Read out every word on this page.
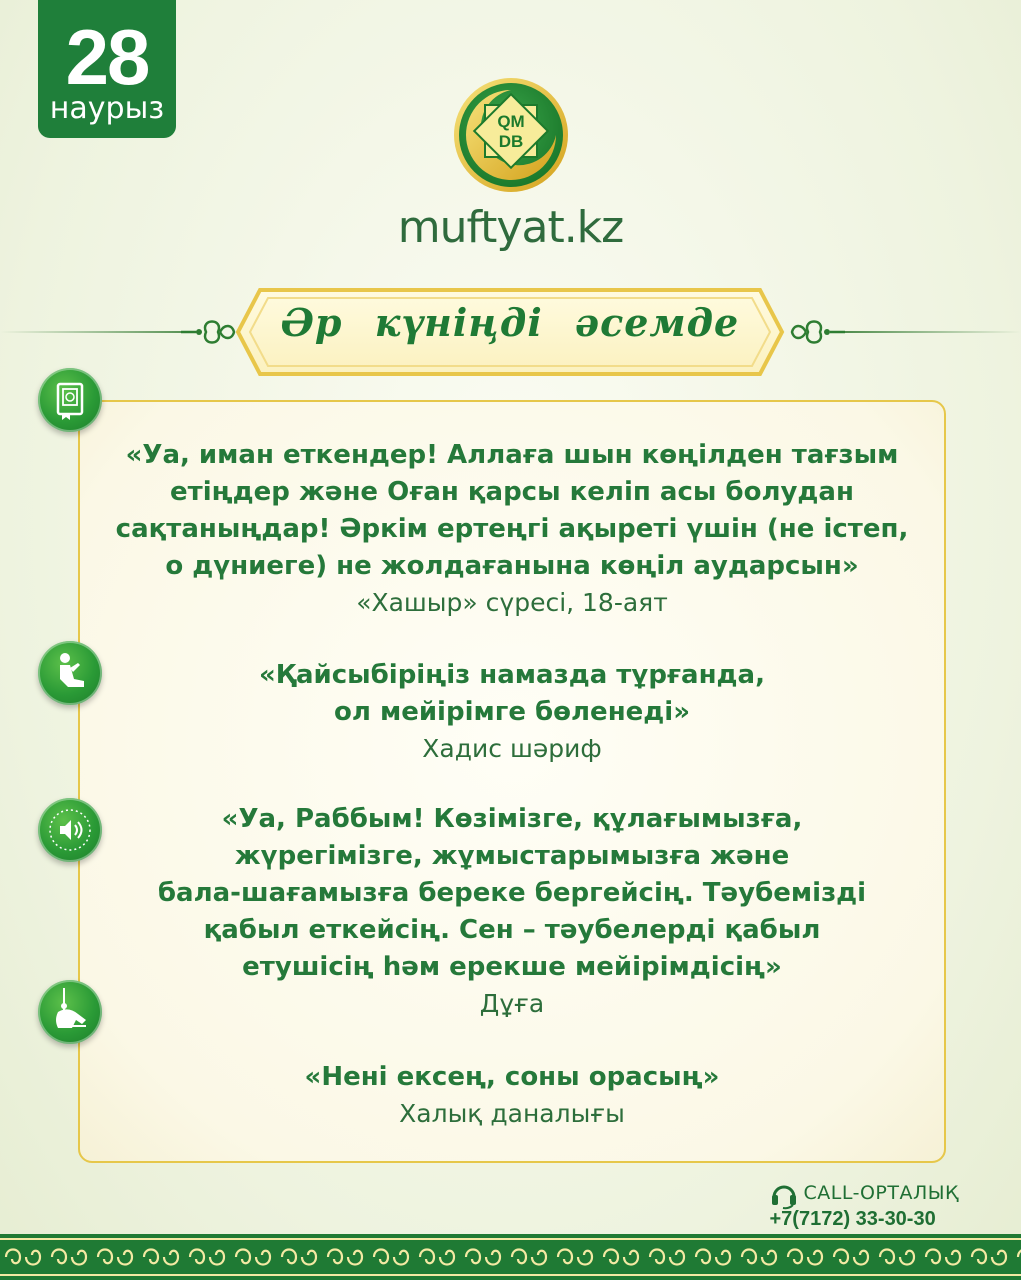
28
наурыз	QM
DB
muftyat.kz
Әр күніңді әсемде
«Уа, иман еткендер! Аллаға шын көңілден тағзым
етіңдер және Оған қарсы келіп асы болудан
сақтаныңдар! Әркім ертеңгі ақыреті үшін (не істеп,
о дүниеге) не жолдағанына көңіл аударсын»
«Хашыр» сүресі, 18-аят
«Қайсыбіріңіз намазда тұрғанда,
ол мейірімге бөленеді»
Хадис шәриф
«Уа, Раббым! Көзімізге, құлағымызға,
жүрегімізге, жұмыстарымызға және
бала-шағамызға береке бергейсің. Тәубемізді
қабыл еткейсің. Сен – тәубелерді қабыл
етушісің һәм ерекше мейірімдісің»
Дұға
«Нені ексең, соны орасың»
Халық даналығы
CALL-ОРТАЛЫҚ
+7(7172) 33-30-30
